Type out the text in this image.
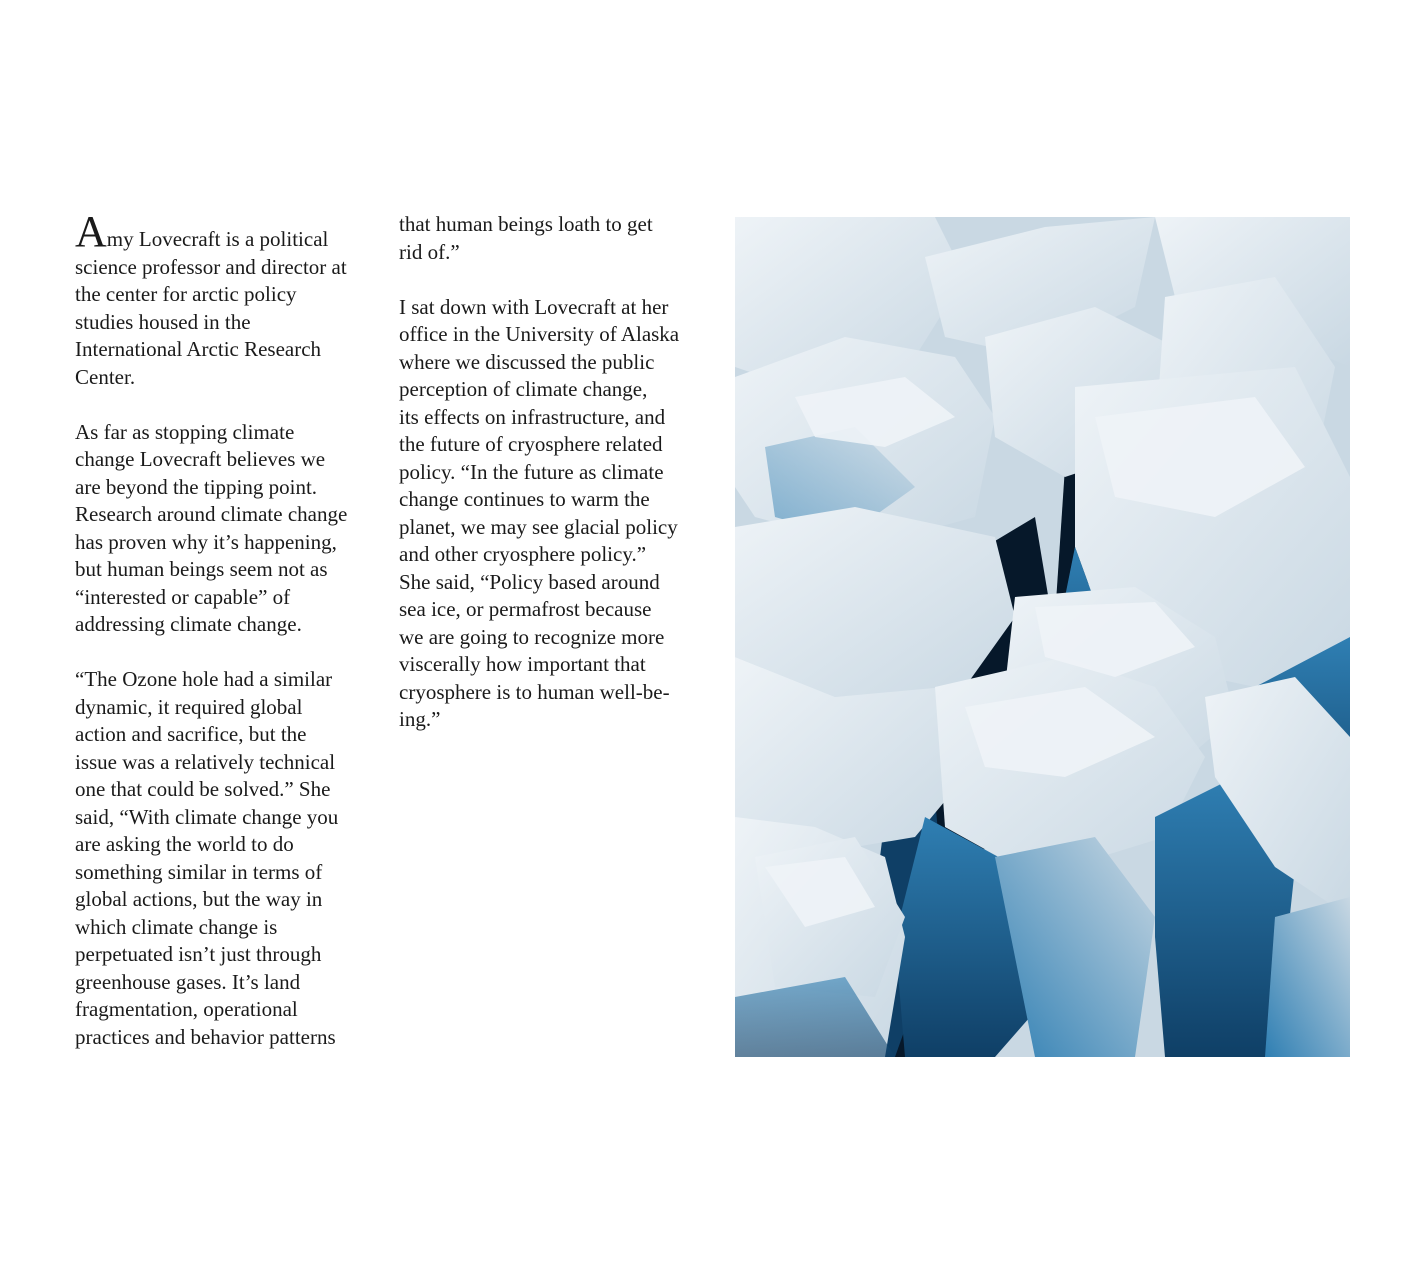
Amy Lovecraft is a political
science professor and director at
the center for arctic policy
studies housed in the
International Arctic Research
Center.
As far as stopping climate
change Lovecraft believes we
are beyond the tipping point.
Research around climate change
has proven why it’s happening,
but human beings seem not as
“interested or capable” of
addressing climate change.
“The Ozone hole had a similar
dynamic, it required global
action and sacrifice, but the
issue was a relatively technical
one that could be solved.” She
said, “With climate change you
are asking the world to do
something similar in terms of
global actions, but the way in
which climate change is
perpetuated isn’t just through
greenhouse gases. It’s land
fragmentation, operational
practices and behavior patterns
that human beings loath to get
rid of.”
I sat down with Lovecraft at her
office in the University of Alaska
where we discussed the public
perception of climate change,
its effects on infrastructure, and
the future of cryosphere related
policy. “In the future as climate
change continues to warm the
planet, we may see glacial policy
and other cryosphere policy.”
She said, “Policy based around
sea ice, or permafrost because
we are going to recognize more
viscerally how important that
cryosphere is to human well-be-
ing.”
